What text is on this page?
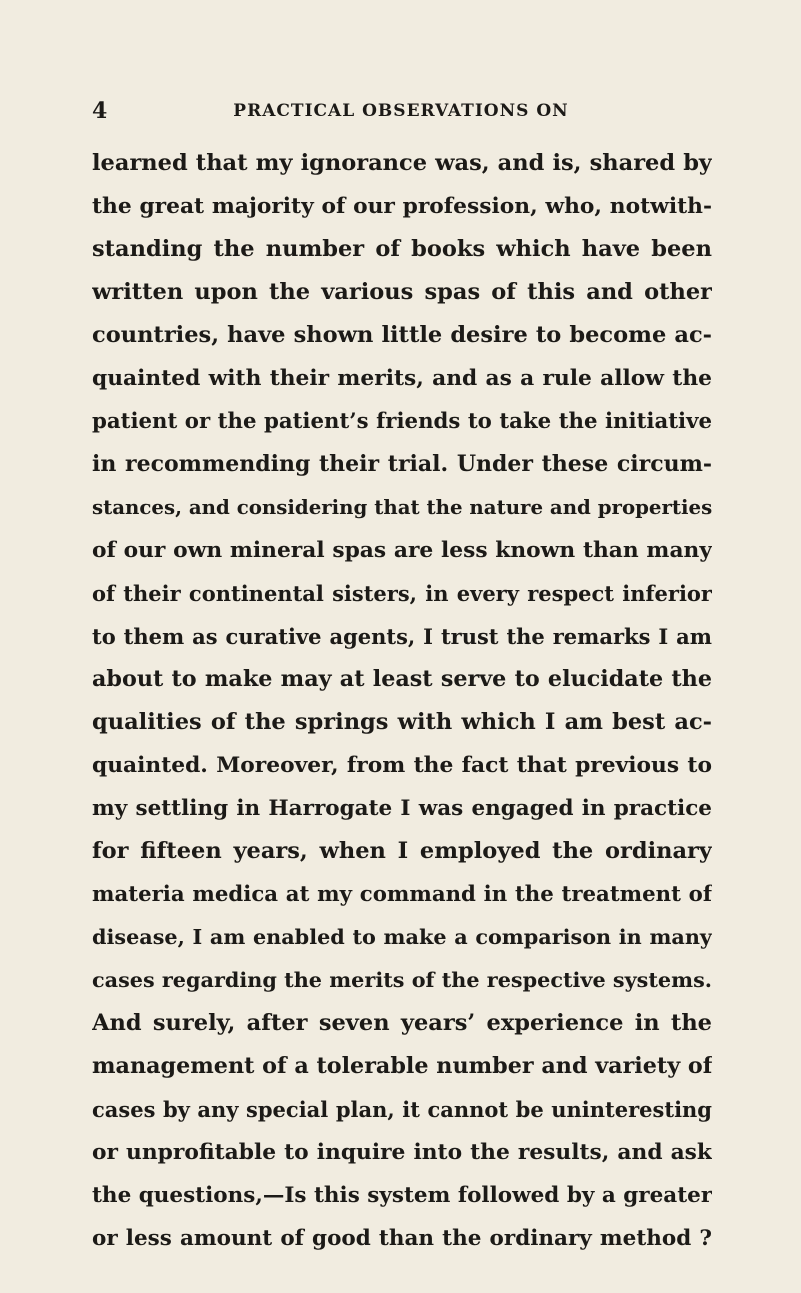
4	PRACTICAL OBSERVATIONS ON
learned that my ignorance was, and is, shared by
the great majority of our profession, who, notwith-
standing the number of books which have been
written upon the various spas of this and other
countries, have shown little desire to become ac-
quainted with their merits, and as a rule allow the
patient or the patient’s friends to take the initiative
in recommending their trial. Under these circum-
stances, and considering that the nature and properties
of our own mineral spas are less known than many
of their continental sisters, in every respect inferior
to them as curative agents, I trust the remarks I am
about to make may at least serve to elucidate the
qualities of the springs with which I am best ac-
quainted. Moreover, from the fact that previous to
my settling in Harrogate I was engaged in practice
for fifteen years, when I employed the ordinary
materia medica at my command in the treatment of
disease, I am enabled to make a comparison in many
cases regarding the merits of the respective systems.
And surely, after seven years’ experience in the
management of a tolerable number and variety of
cases by any special plan, it cannot be uninteresting
or unprofitable to inquire into the results, and ask
the questions,—Is this system followed by a greater
or less amount of good than the ordinary method ?
